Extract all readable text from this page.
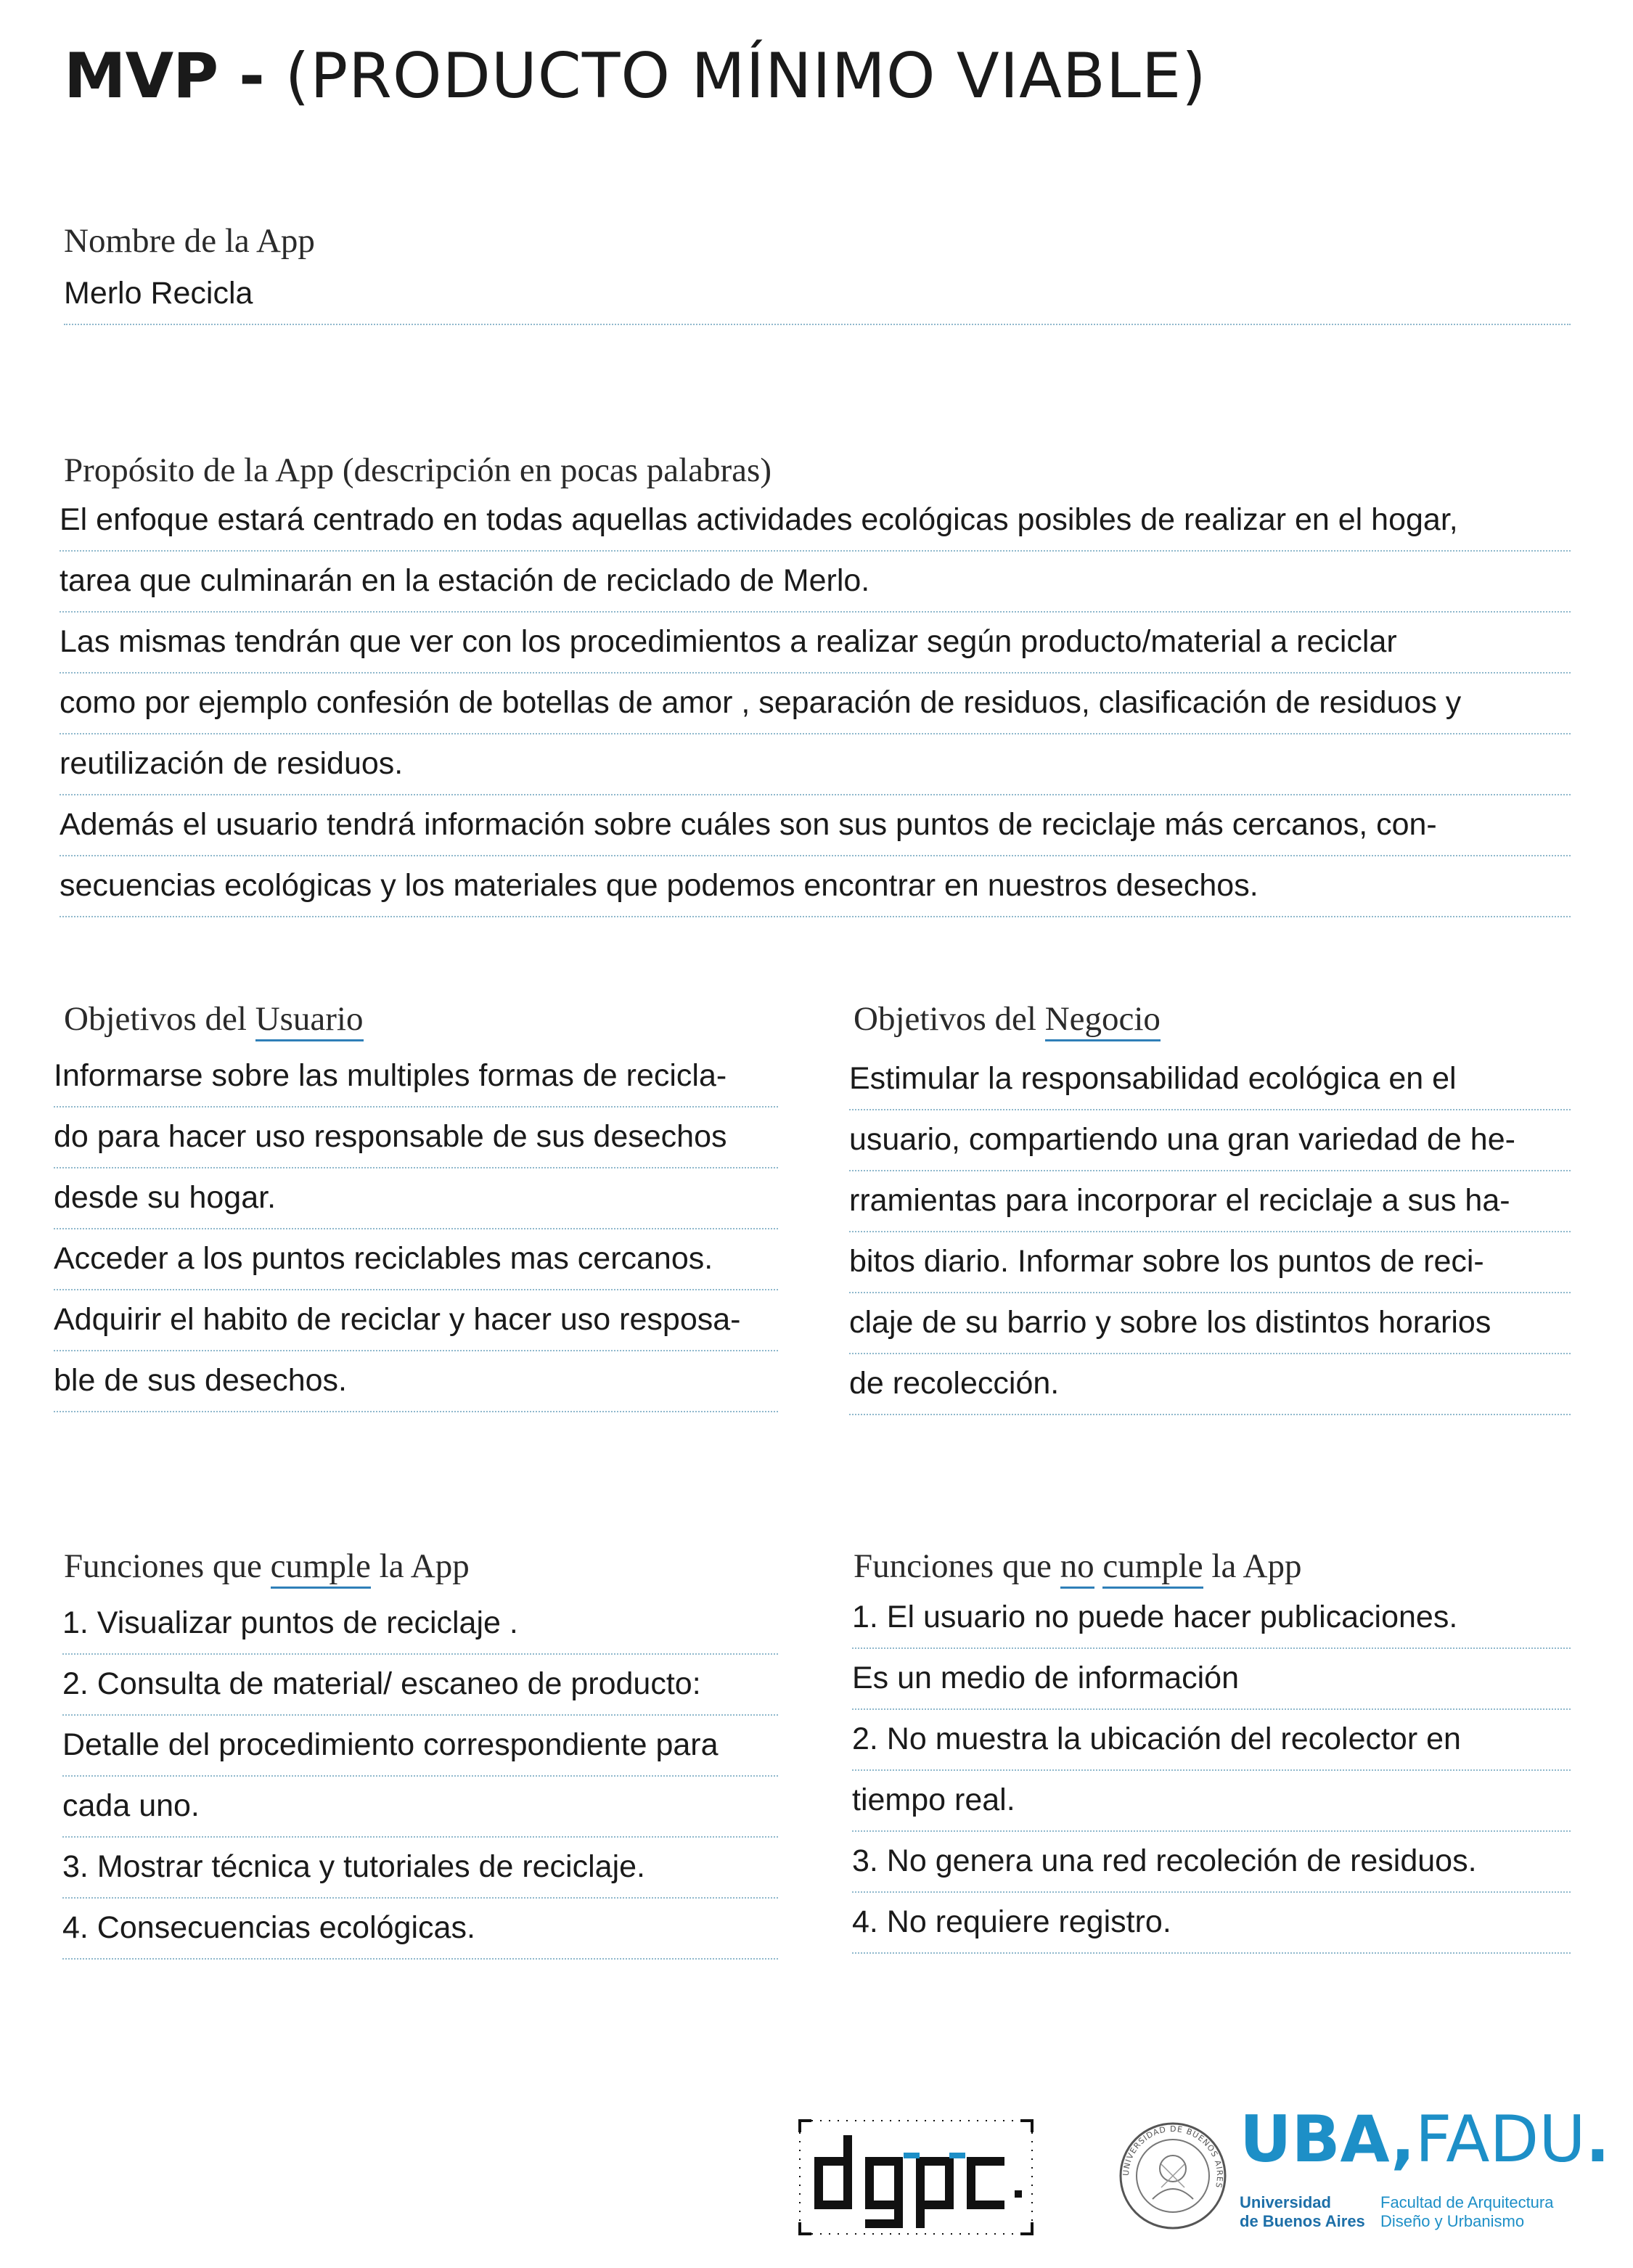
MVP - (PRODUCTO MÍNIMO VIABLE)

Nombre de la App

Merlo Recicla

Propósito de la App (descripción en pocas palabras)

El enfoque estará centrado en todas aquellas actividades ecológicas posibles de realizar en el hogar,
tarea que culminarán en la estación de reciclado de Merlo.
Las mismas tendrán que ver con los procedimientos a realizar según producto/material a reciclar
como por ejemplo confesión de botellas de amor , separación de residuos, clasificación de residuos y
reutilización de residuos.
Además el usuario tendrá información sobre cuáles son sus puntos de reciclaje más cercanos, con-
secuencias ecológicas y los materiales que podemos encontrar en nuestros desechos.

Objetivos del Usuario

Informarse sobre las multiples formas de recicla-
do para hacer uso responsable de sus desechos
desde su hogar.
Acceder a los puntos reciclables mas cercanos.
Adquirir el habito de reciclar y hacer uso resposa-
ble de sus desechos.

Objetivos del Negocio

Estimular la responsabilidad ecológica en el
usuario, compartiendo una gran variedad de he-
rramientas para incorporar el reciclaje a sus ha-
bitos diario. Informar sobre los puntos de reci-
claje de su barrio y sobre los distintos horarios
de recolección.

Funciones que cumple la App

1. Visualizar puntos de reciclaje .
2. Consulta de material/ escaneo de producto:
Detalle del procedimiento correspondiente para
cada uno.
3. Mostrar técnica y tutoriales de reciclaje.
4. Consecuencias ecológicas.

Funciones que no cumple la App

1. El usuario no puede hacer publicaciones.
Es un medio de información
2. No muestra la ubicación del recolector en
tiempo real.
3. No genera una red recoleción de residuos.
4. No requiere registro.
UNIVERSIDAD DE BUENOS AIRES
UBA,FADU.
Universidad
de Buenos Aires
Facultad de Arquitectura
Diseño y Urbanismo
